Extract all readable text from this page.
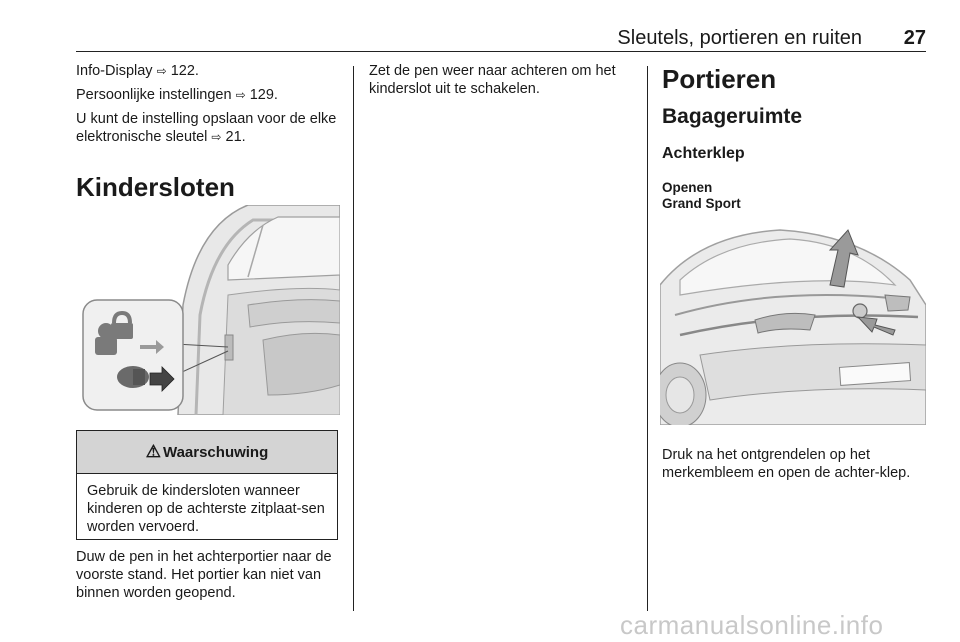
Sleutels, portieren en ruiten 27

Info-Display ⇨ 122.

Persoonlijke instellingen ⇨ 129.

U kunt de instelling opslaan voor de elke elektronische sleutel ⇨ 21.

Kindersloten
⚠ Waarschuwing
Gebruik de kindersloten wanneer kinderen op de achterste zitplaat-sen worden vervoerd.

Duw de pen in het achterportier naar de voorste stand. Het portier kan niet van binnen worden geopend.

Zet de pen weer naar achteren om het kinderslot uit te schakelen.	Portieren
Bagageruimte
Achterklep
Openen
Grand Sport

Druk na het ontgrendelen op het merkembleem en open de achter-klep.

carmanualsonline.info
